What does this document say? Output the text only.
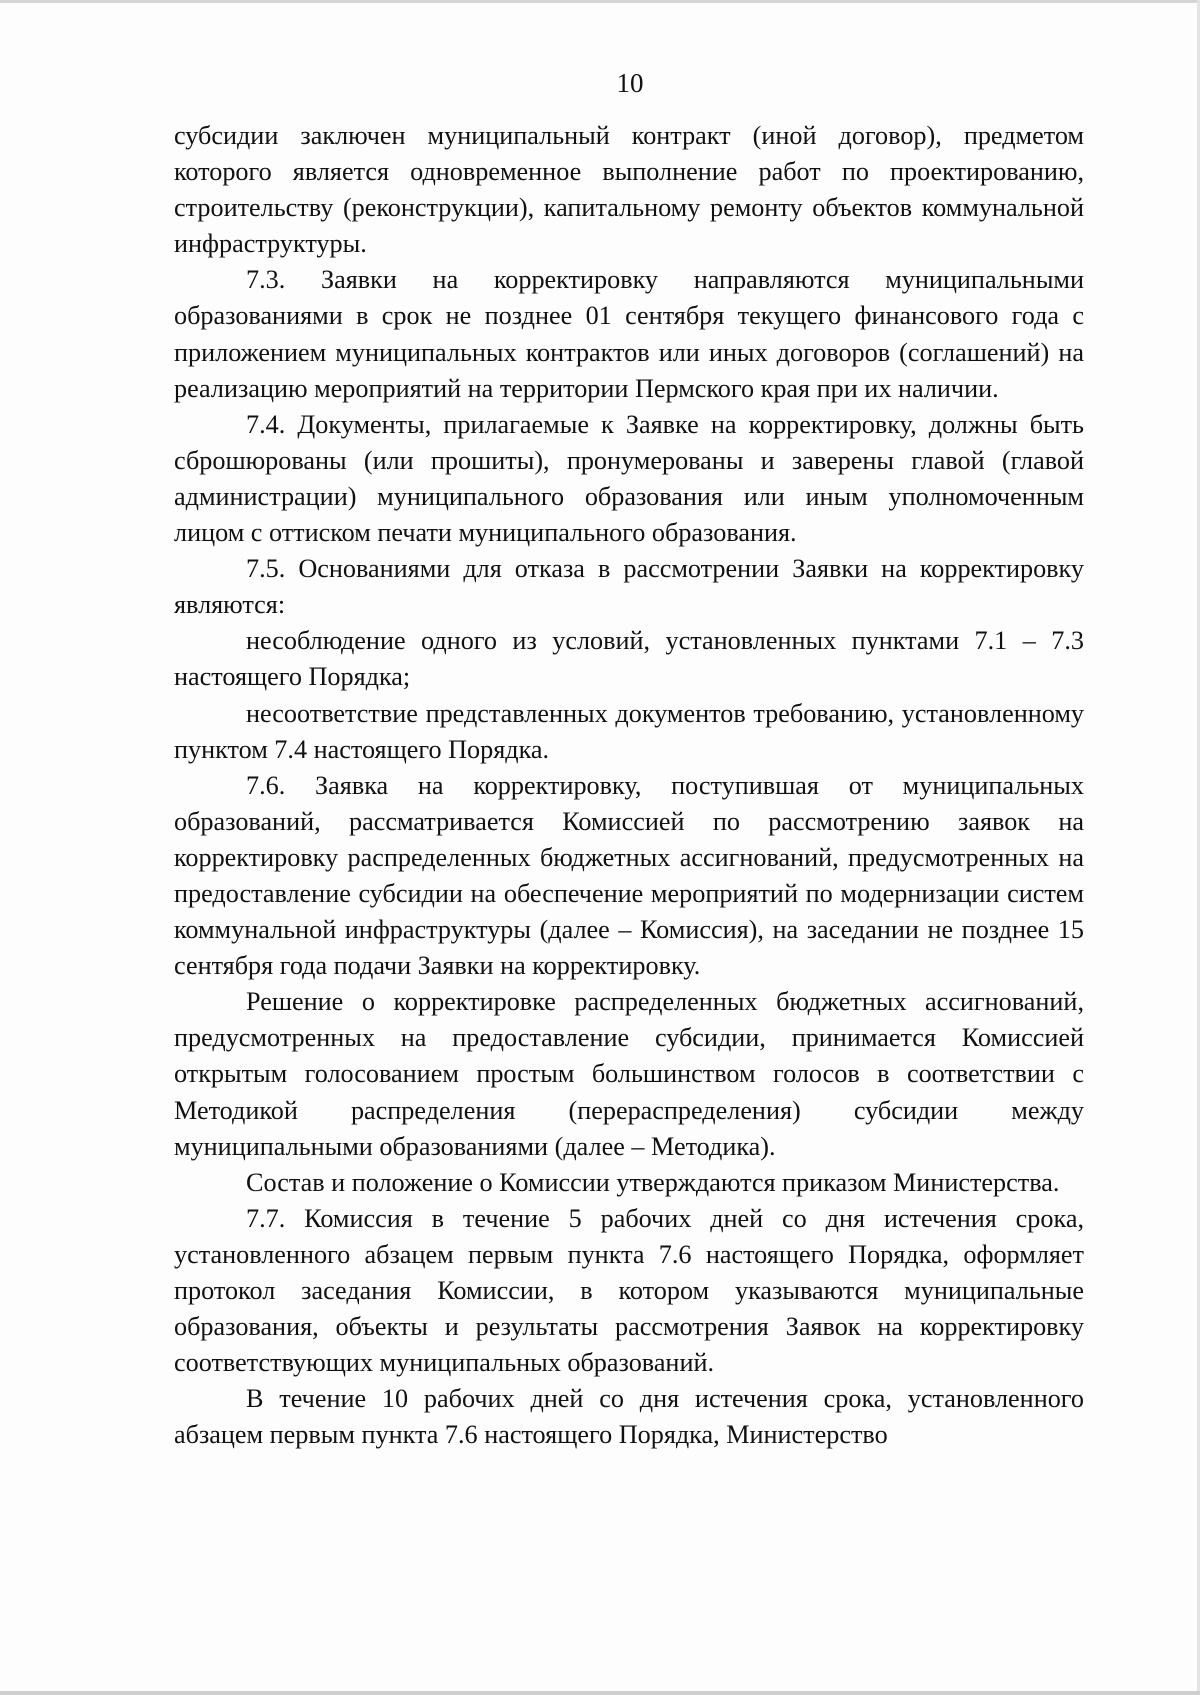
10

субсидии заключен муниципальный контракт (иной договор), предметом которого является одновременное выполнение работ по проектированию, строительству (реконструкции), капитальному ремонту объектов коммунальной инфраструктуры.

7.3. Заявки на корректировку направляются муниципальными образованиями в срок не позднее 01 сентября текущего финансового года с приложением муниципальных контрактов или иных договоров (соглашений) на реализацию мероприятий на территории Пермского края при их наличии.

7.4. Документы, прилагаемые к Заявке на корректировку, должны быть сброшюрованы (или прошиты), пронумерованы и заверены главой (главой администрации) муниципального образования или иным уполномоченным лицом с оттиском печати муниципального образования.

7.5. Основаниями для отказа в рассмотрении Заявки на корректировку являются:

несоблюдение одного из условий, установленных пунктами 7.1 – 7.3 настоящего Порядка;

несоответствие представленных документов требованию, установленному пунктом 7.4 настоящего Порядка.

7.6. Заявка на корректировку, поступившая от муниципальных образований, рассматривается Комиссией по рассмотрению заявок на корректировку распределенных бюджетных ассигнований, предусмотренных на предоставление субсидии на обеспечение мероприятий по модернизации систем коммунальной инфраструктуры (далее – Комиссия), на заседании не позднее 15 сентября года подачи Заявки на корректировку.

Решение о корректировке распределенных бюджетных ассигнований, предусмотренных на предоставление субсидии, принимается Комиссией открытым голосованием простым большинством голосов в соответствии с Методикой распределения (перераспределения) субсидии между муниципальными образованиями (далее – Методика).

Состав и положение о Комиссии утверждаются приказом Министерства.

7.7. Комиссия в течение 5 рабочих дней со дня истечения срока, установленного абзацем первым пункта 7.6 настоящего Порядка, оформляет протокол заседания Комиссии, в котором указываются муниципальные образования, объекты и результаты рассмотрения Заявок на корректировку соответствующих муниципальных образований.

В течение 10 рабочих дней со дня истечения срока, установленного абзацем первым пункта 7.6 настоящего Порядка, Министерство
